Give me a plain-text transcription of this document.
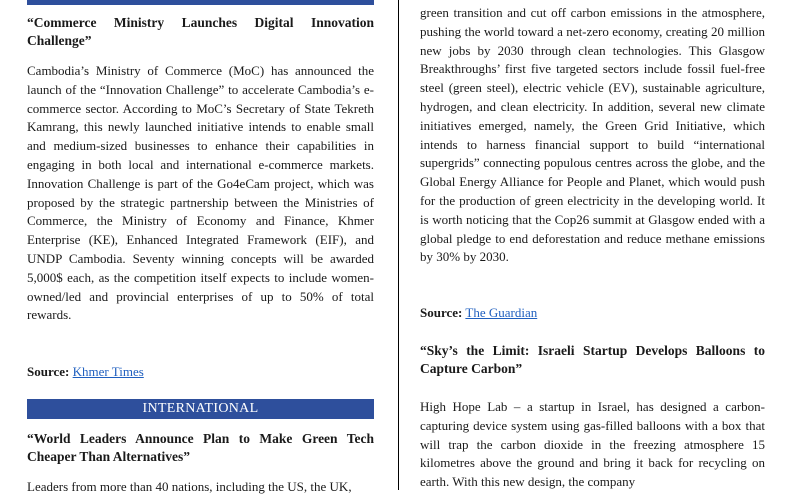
“Commerce Ministry Launches Digital Innovation Challenge”

Cambodia’s Ministry of Commerce (MoC) has announced the launch of the “Innovation Challenge” to accelerate Cambodia’s e-commerce sector. According to MoC’s Secretary of State Tekreth Kamrang, this newly launched initiative intends to enable small and medium-sized businesses to enhance their capabilities in engaging in both local and international e-commerce markets. Innovation Challenge is part of the Go4eCam project, which was proposed by the strategic partnership between the Ministries of Commerce, the Ministry of Economy and Finance, Khmer Enterprise (KE), Enhanced Integrated Framework (EIF), and UNDP Cambodia. Seventy winning concepts will be awarded 5,000$ each, as the competition itself expects to include women-owned/led and provincial enterprises of up to 50% of total rewards.

Source: Khmer Times

INTERNATIONAL

“World Leaders Announce Plan to Make Green Tech Cheaper Than Alternatives”

Leaders from more than 40 nations, including the US, the UK,

green transition and cut off carbon emissions in the atmosphere, pushing the world toward a net-zero economy, creating 20 million new jobs by 2030 through clean technologies. This Glasgow Breakthroughs’ first five targeted sectors include fossil fuel-free steel (green steel), electric vehicle (EV), sustainable agriculture, hydrogen, and clean electricity. In addition, several new climate initiatives emerged, namely, the Green Grid Initiative, which intends to harness financial support to build “international supergrids” connecting populous centres across the globe, and the Global Energy Alliance for People and Planet, which would push for the production of green electricity in the developing world. It is worth noticing that the Cop26 summit at Glasgow ended with a global pledge to end deforestation and reduce methane emissions by 30% by 2030.

Source: The Guardian

“Sky’s the Limit: Israeli Startup Develops Balloons to Capture Carbon”

High Hope Lab – a startup in Israel, has designed a carbon-capturing device system using gas-filled balloons with a box that will trap the carbon dioxide in the freezing atmosphere 15 kilometres above the ground and bring it back for recycling on earth. With this new design, the company
